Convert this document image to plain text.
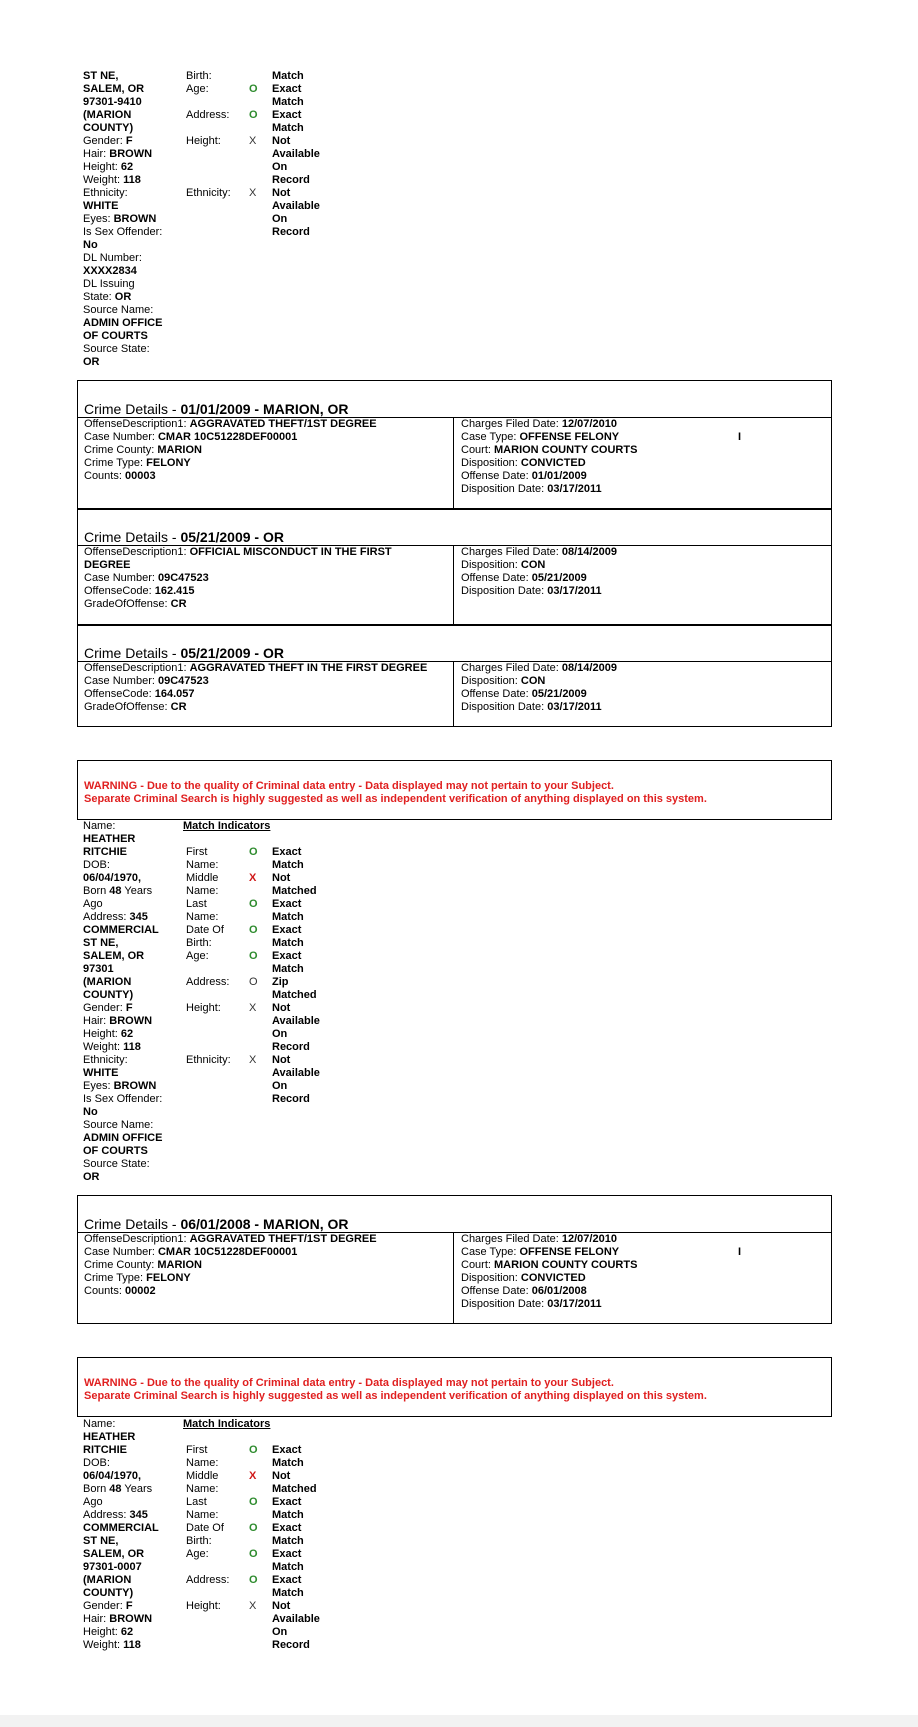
ST NE,
SALEM, OR
97301-9410
(MARION
COUNTY)
Gender: F
Hair: BROWN
Height: 62
Weight: 118
Ethnicity:
WHITE
Eyes: BROWN
Is Sex Offender:
No
DL Number:
XXXX2834
DL Issuing
State: OR
Source Name:
ADMIN OFFICE
OF COURTS
Source State:
OR
Birth:
Age:

Address:

Height:

Ethnicity:
O
O
X
X
Match
Exact
Match
Exact
Match
Not
Available
On
Record
Not
Available
On
Record
Crime Details - 01/01/2009 - MARION, OR
OffenseDescription1: AGGRAVATED THEFT/1ST DEGREE
Case Number: CMAR 10C51228DEF00001
Crime County: MARION
Crime Type: FELONY
Counts: 00003
Charges Filed Date: 12/07/2010
Case Type: OFFENSE FELONY
Court: MARION COUNTY COURTS
Disposition: CONVICTED
Offense Date: 01/01/2009
Disposition Date: 03/17/2011
I
Crime Details - 05/21/2009 - OR
OffenseDescription1: OFFICIAL MISCONDUCT IN THE FIRST
DEGREE
Case Number: 09C47523
OffenseCode: 162.415
GradeOfOffense: CR
Charges Filed Date: 08/14/2009
Disposition: CON
Offense Date: 05/21/2009
Disposition Date: 03/17/2011
Crime Details - 05/21/2009 - OR
OffenseDescription1: AGGRAVATED THEFT IN THE FIRST DEGREE
Case Number: 09C47523
OffenseCode: 164.057
GradeOfOffense: CR
Charges Filed Date: 08/14/2009
Disposition: CON
Offense Date: 05/21/2009
Disposition Date: 03/17/2011
WARNING - Due to the quality of Criminal data entry - Data displayed may not pertain to your Subject.
Separate Criminal Search is highly suggested as well as independent verification of anything displayed on this system.
Name:
HEATHER
RITCHIE
DOB:
06/04/1970,
Born 48 Years
Ago
Address: 345
COMMERCIAL
ST NE,
SALEM, OR
97301
(MARION
COUNTY)
Gender: F
Hair: BROWN
Height: 62
Weight: 118
Ethnicity:
WHITE
Eyes: BROWN
Is Sex Offender:
No
Source Name:
ADMIN OFFICE
OF COURTS
Source State:
OR
Match Indicators
First
Name:
Middle
Name:
Last
Name:
Date Of
Birth:
Age:

Address:

Height:

Ethnicity:
O
X
O
O
O
O
X
X
Exact
Match
Not
Matched
Exact
Match
Exact
Match
Exact
Match
Zip
Matched
Not
Available
On
Record
Not
Available
On
Record
Crime Details - 06/01/2008 - MARION, OR
OffenseDescription1: AGGRAVATED THEFT/1ST DEGREE
Case Number: CMAR 10C51228DEF00001
Crime County: MARION
Crime Type: FELONY
Counts: 00002
Charges Filed Date: 12/07/2010
Case Type: OFFENSE FELONY
Court: MARION COUNTY COURTS
Disposition: CONVICTED
Offense Date: 06/01/2008
Disposition Date: 03/17/2011
I
WARNING - Due to the quality of Criminal data entry - Data displayed may not pertain to your Subject.
Separate Criminal Search is highly suggested as well as independent verification of anything displayed on this system.
Name:
HEATHER
RITCHIE
DOB:
06/04/1970,
Born 48 Years
Ago
Address: 345
COMMERCIAL
ST NE,
SALEM, OR
97301-0007
(MARION
COUNTY)
Gender: F
Hair: BROWN
Height: 62
Weight: 118
Match Indicators
First
Name:
Middle
Name:
Last
Name:
Date Of
Birth:
Age:

Address:

Height:
O
X
O
O
O
O
X
Exact
Match
Not
Matched
Exact
Match
Exact
Match
Exact
Match
Exact
Match
Not
Available
On
Record
